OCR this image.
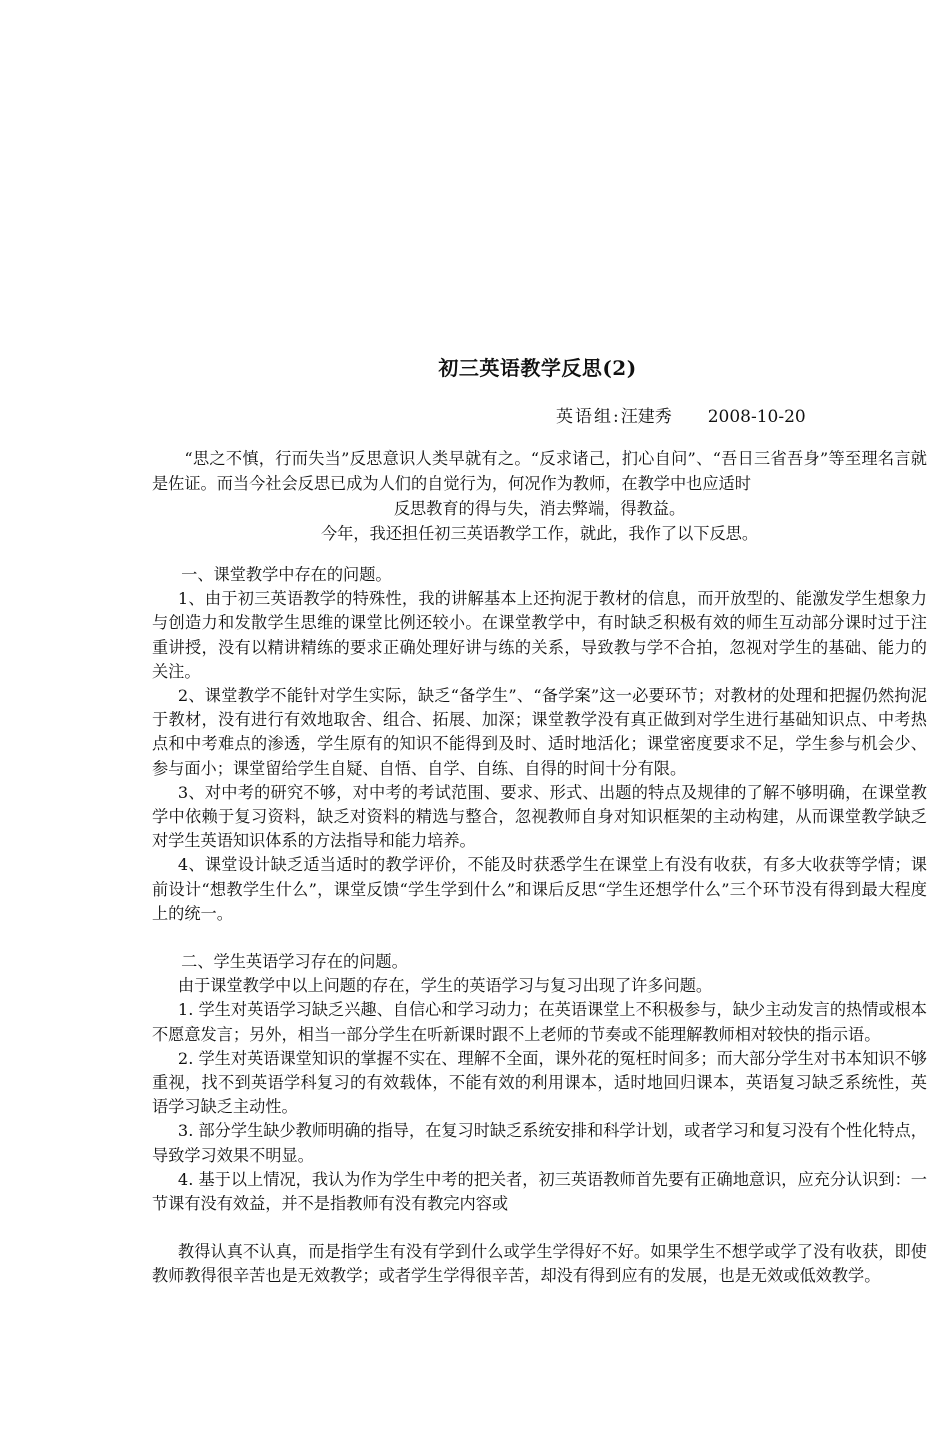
初三英语教学反思(2)
英语组:汪建秀 2008-10-20

“思之不慎，行而失当”反思意识人类早就有之。“反求诸己，扪心自问”、“吾日三省吾身”等至理名言就是佐证。而当今社会反思已成为人们的自觉行为，何况作为教师，在教学中也应适时

反思教育的得与失，消去弊端，得教益。

今年，我还担任初三英语教学工作，就此，我作了以下反思。

一、课堂教学中存在的问题。

1、由于初三英语教学的特殊性，我的讲解基本上还拘泥于教材的信息，而开放型的、能激发学生想象力与创造力和发散学生思维的课堂比例还较小。在课堂教学中，有时缺乏积极有效的师生互动部分课时过于注重讲授，没有以精讲精练的要求正确处理好讲与练的关系，导致教与学不合拍，忽视对学生的基础、能力的关注。

2、课堂教学不能针对学生实际，缺乏“备学生”、“备学案”这一必要环节；对教材的处理和把握仍然拘泥于教材，没有进行有效地取舍、组合、拓展、加深；课堂教学没有真正做到对学生进行基础知识点、中考热点和中考难点的渗透，学生原有的知识不能得到及时、适时地活化；课堂密度要求不足，学生参与机会少、参与面小；课堂留给学生自疑、自悟、自学、自练、自得的时间十分有限。

3、对中考的研究不够，对中考的考试范围、要求、形式、出题的特点及规律的了解不够明确，在课堂教学中依赖于复习资料，缺乏对资料的精选与整合，忽视教师自身对知识框架的主动构建，从而课堂教学缺乏对学生英语知识体系的方法指导和能力培养。

4、课堂设计缺乏适当适时的教学评价，不能及时获悉学生在课堂上有没有收获，有多大收获等学情；课前设计“想教学生什么”，课堂反馈“学生学到什么”和课后反思“学生还想学什么”三个环节没有得到最大程度上的统一。

二、学生英语学习存在的问题。

由于课堂教学中以上问题的存在，学生的英语学习与复习出现了许多问题。

1. 学生对英语学习缺乏兴趣、自信心和学习动力；在英语课堂上不积极参与，缺少主动发言的热情或根本不愿意发言；另外，相当一部分学生在听新课时跟不上老师的节奏或不能理解教师相对较快的指示语。

2. 学生对英语课堂知识的掌握不实在、理解不全面，课外花的冤枉时间多；而大部分学生对书本知识不够重视，找不到英语学科复习的有效载体，不能有效的利用课本，适时地回归课本，英语复习缺乏系统性，英语学习缺乏主动性。

3. 部分学生缺少教师明确的指导，在复习时缺乏系统安排和科学计划，或者学习和复习没有个性化特点，导致学习效果不明显。

4. 基于以上情况，我认为作为学生中考的把关者，初三英语教师首先要有正确地意识，应充分认识到：一节课有没有效益，并不是指教师有没有教完内容或

教得认真不认真，而是指学生有没有学到什么或学生学得好不好。如果学生不想学或学了没有收获，即使教师教得很辛苦也是无效教学；或者学生学得很辛苦，却没有得到应有的发展，也是无效或低效教学。
